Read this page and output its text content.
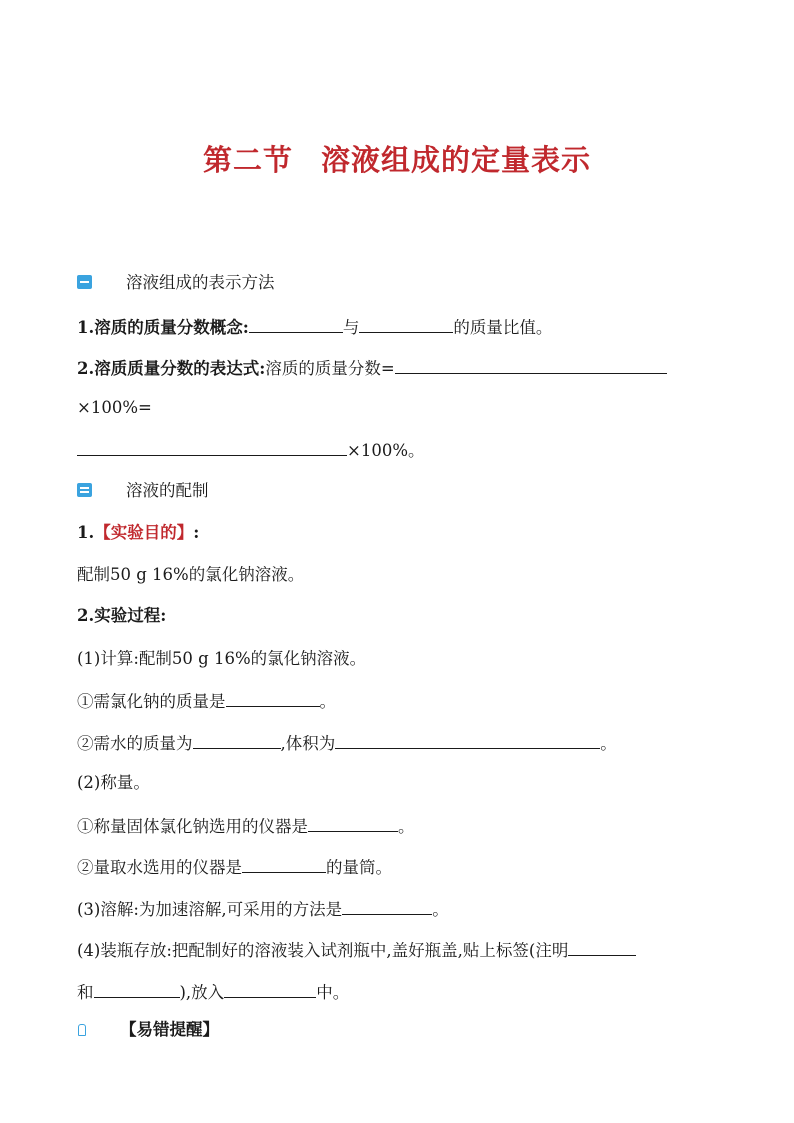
第二节 溶液组成的定量表示
溶液组成的表示方法
1.溶质的质量分数概念:	与	的质量比值。
2.溶质质量分数的表达式:溶质的质量分数=
×100%=
×100%。
溶液的配制
1.【实验目的】:
配制50 g 16%的氯化钠溶液。
2.实验过程:
(1)计算:配制50 g 16%的氯化钠溶液。
①需氯化钠的质量是	。
②需水的质量为	,体积为	。
(2)称量。
①称量固体氯化钠选用的仪器是	。
②量取水选用的仪器是	的量筒。
(3)溶解:为加速溶解,可采用的方法是	。
(4)装瓶存放:把配制好的溶液装入试剂瓶中,盖好瓶盖,贴上标签(注明
和	),放入	中。
【易错提醒】
